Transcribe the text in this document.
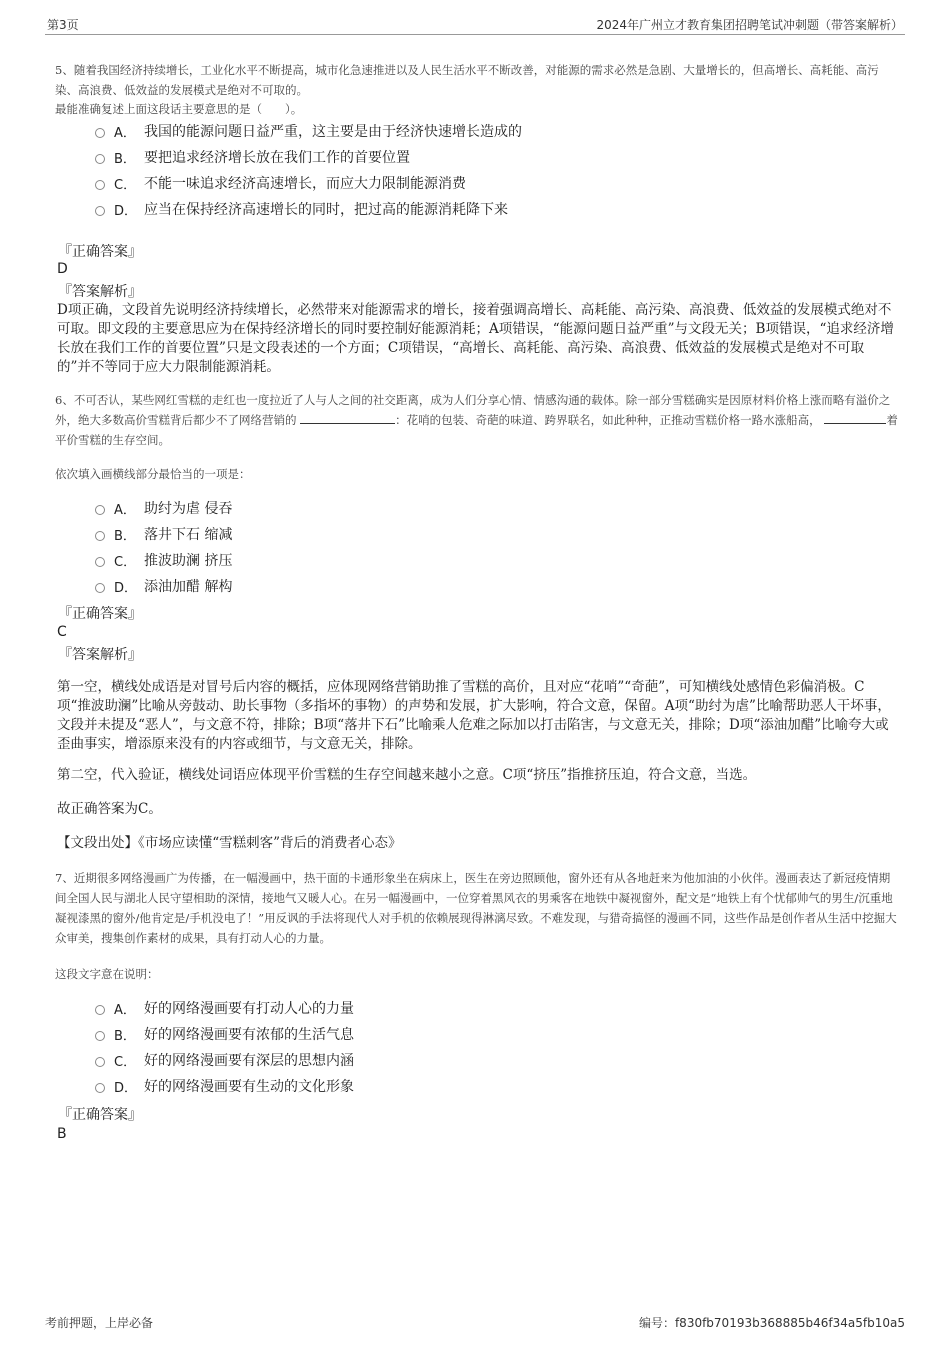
第3页	2024年广州立才教育集团招聘笔试冲刺题（带答案解析）
5、随着我国经济持续增长，工业化水平不断提高，城市化急速推进以及人民生活水平不断改善，对能源的需求必然是急剧、大量增长的，但高增长、高耗能、高污染、高浪费、低效益的发展模式是绝对不可取的。
最能准确复述上面这段话主要意思的是（　　）。
A． 我国的能源问题日益严重，这主要是由于经济快速增长造成的
B． 要把追求经济增长放在我们工作的首要位置
C． 不能一味追求经济高速增长，而应大力限制能源消费
D． 应当在保持经济高速增长的同时，把过高的能源消耗降下来
『正确答案』
D
『答案解析』
D项正确，文段首先说明经济持续增长，必然带来对能源需求的增长，接着强调高增长、高耗能、高污染、高浪费、低效益的发展模式绝对不可取。即文段的主要意思应为在保持经济增长的同时要控制好能源消耗；A项错误，“能源问题日益严重”与文段无关；B项错误，“追求经济增长放在我们工作的首要位置”只是文段表述的一个方面；C项错误，“高增长、高耗能、高污染、高浪费、低效益的发展模式是绝对不可取的”并不等同于应大力限制能源消耗。
6、不可否认，某些网红雪糕的走红也一度拉近了人与人之间的社交距离，成为人们分享心情、情感沟通的载体。除一部分雪糕确实是因原材料价格上涨而略有溢价之外，绝大多数高价雪糕背后都少不了网络营销的	：花哨的包装、奇葩的味道、跨界联名，如此种种，正推动雪糕价格一路水涨船高，	着平价雪糕的生存空间。
依次填入画横线部分最恰当的一项是：
A． 助纣为虐 侵吞
B． 落井下石 缩减
C． 推波助澜 挤压
D． 添油加醋 解构
『正确答案』
C
『答案解析』
第一空，横线处成语是对冒号后内容的概括，应体现网络营销助推了雪糕的高价，且对应“花哨”“奇葩”，可知横线处感情色彩偏消极。C项“推波助澜”比喻从旁鼓动、助长事物（多指坏的事物）的声势和发展，扩大影响，符合文意，保留。A项“助纣为虐”比喻帮助恶人干坏事，文段并未提及“恶人”，与文意不符，排除；B项“落井下石”比喻乘人危难之际加以打击陷害，与文意无关，排除；D项“添油加醋”比喻夸大或歪曲事实，增添原来没有的内容或细节，与文意无关，排除。
第二空，代入验证，横线处词语应体现平价雪糕的生存空间越来越小之意。C项“挤压”指推挤压迫，符合文意，当选。
故正确答案为C。
【文段出处】《市场应读懂“雪糕刺客”背后的消费者心态》
7、近期很多网络漫画广为传播，在一幅漫画中，热干面的卡通形象坐在病床上，医生在旁边照顾他，窗外还有从各地赶来为他加油的小伙伴。漫画表达了新冠疫情期间全国人民与湖北人民守望相助的深情，接地气又暖人心。在另一幅漫画中，一位穿着黑风衣的男乘客在地铁中凝视窗外，配文是“地铁上有个忧郁帅气的男生/沉重地凝视漆黑的窗外/他肯定是/手机没电了！”用反讽的手法将现代人对手机的依赖展现得淋漓尽致。不难发现，与猎奇搞怪的漫画不同，这些作品是创作者从生活中挖掘大众审美，搜集创作素材的成果，具有打动人心的力量。
这段文字意在说明：
A． 好的网络漫画要有打动人心的力量
B． 好的网络漫画要有浓郁的生活气息
C． 好的网络漫画要有深层的思想内涵
D． 好的网络漫画要有生动的文化形象
『正确答案』
B
考前押题，上岸必备	编号：f830fb70193b368885b46f34a5fb10a5
